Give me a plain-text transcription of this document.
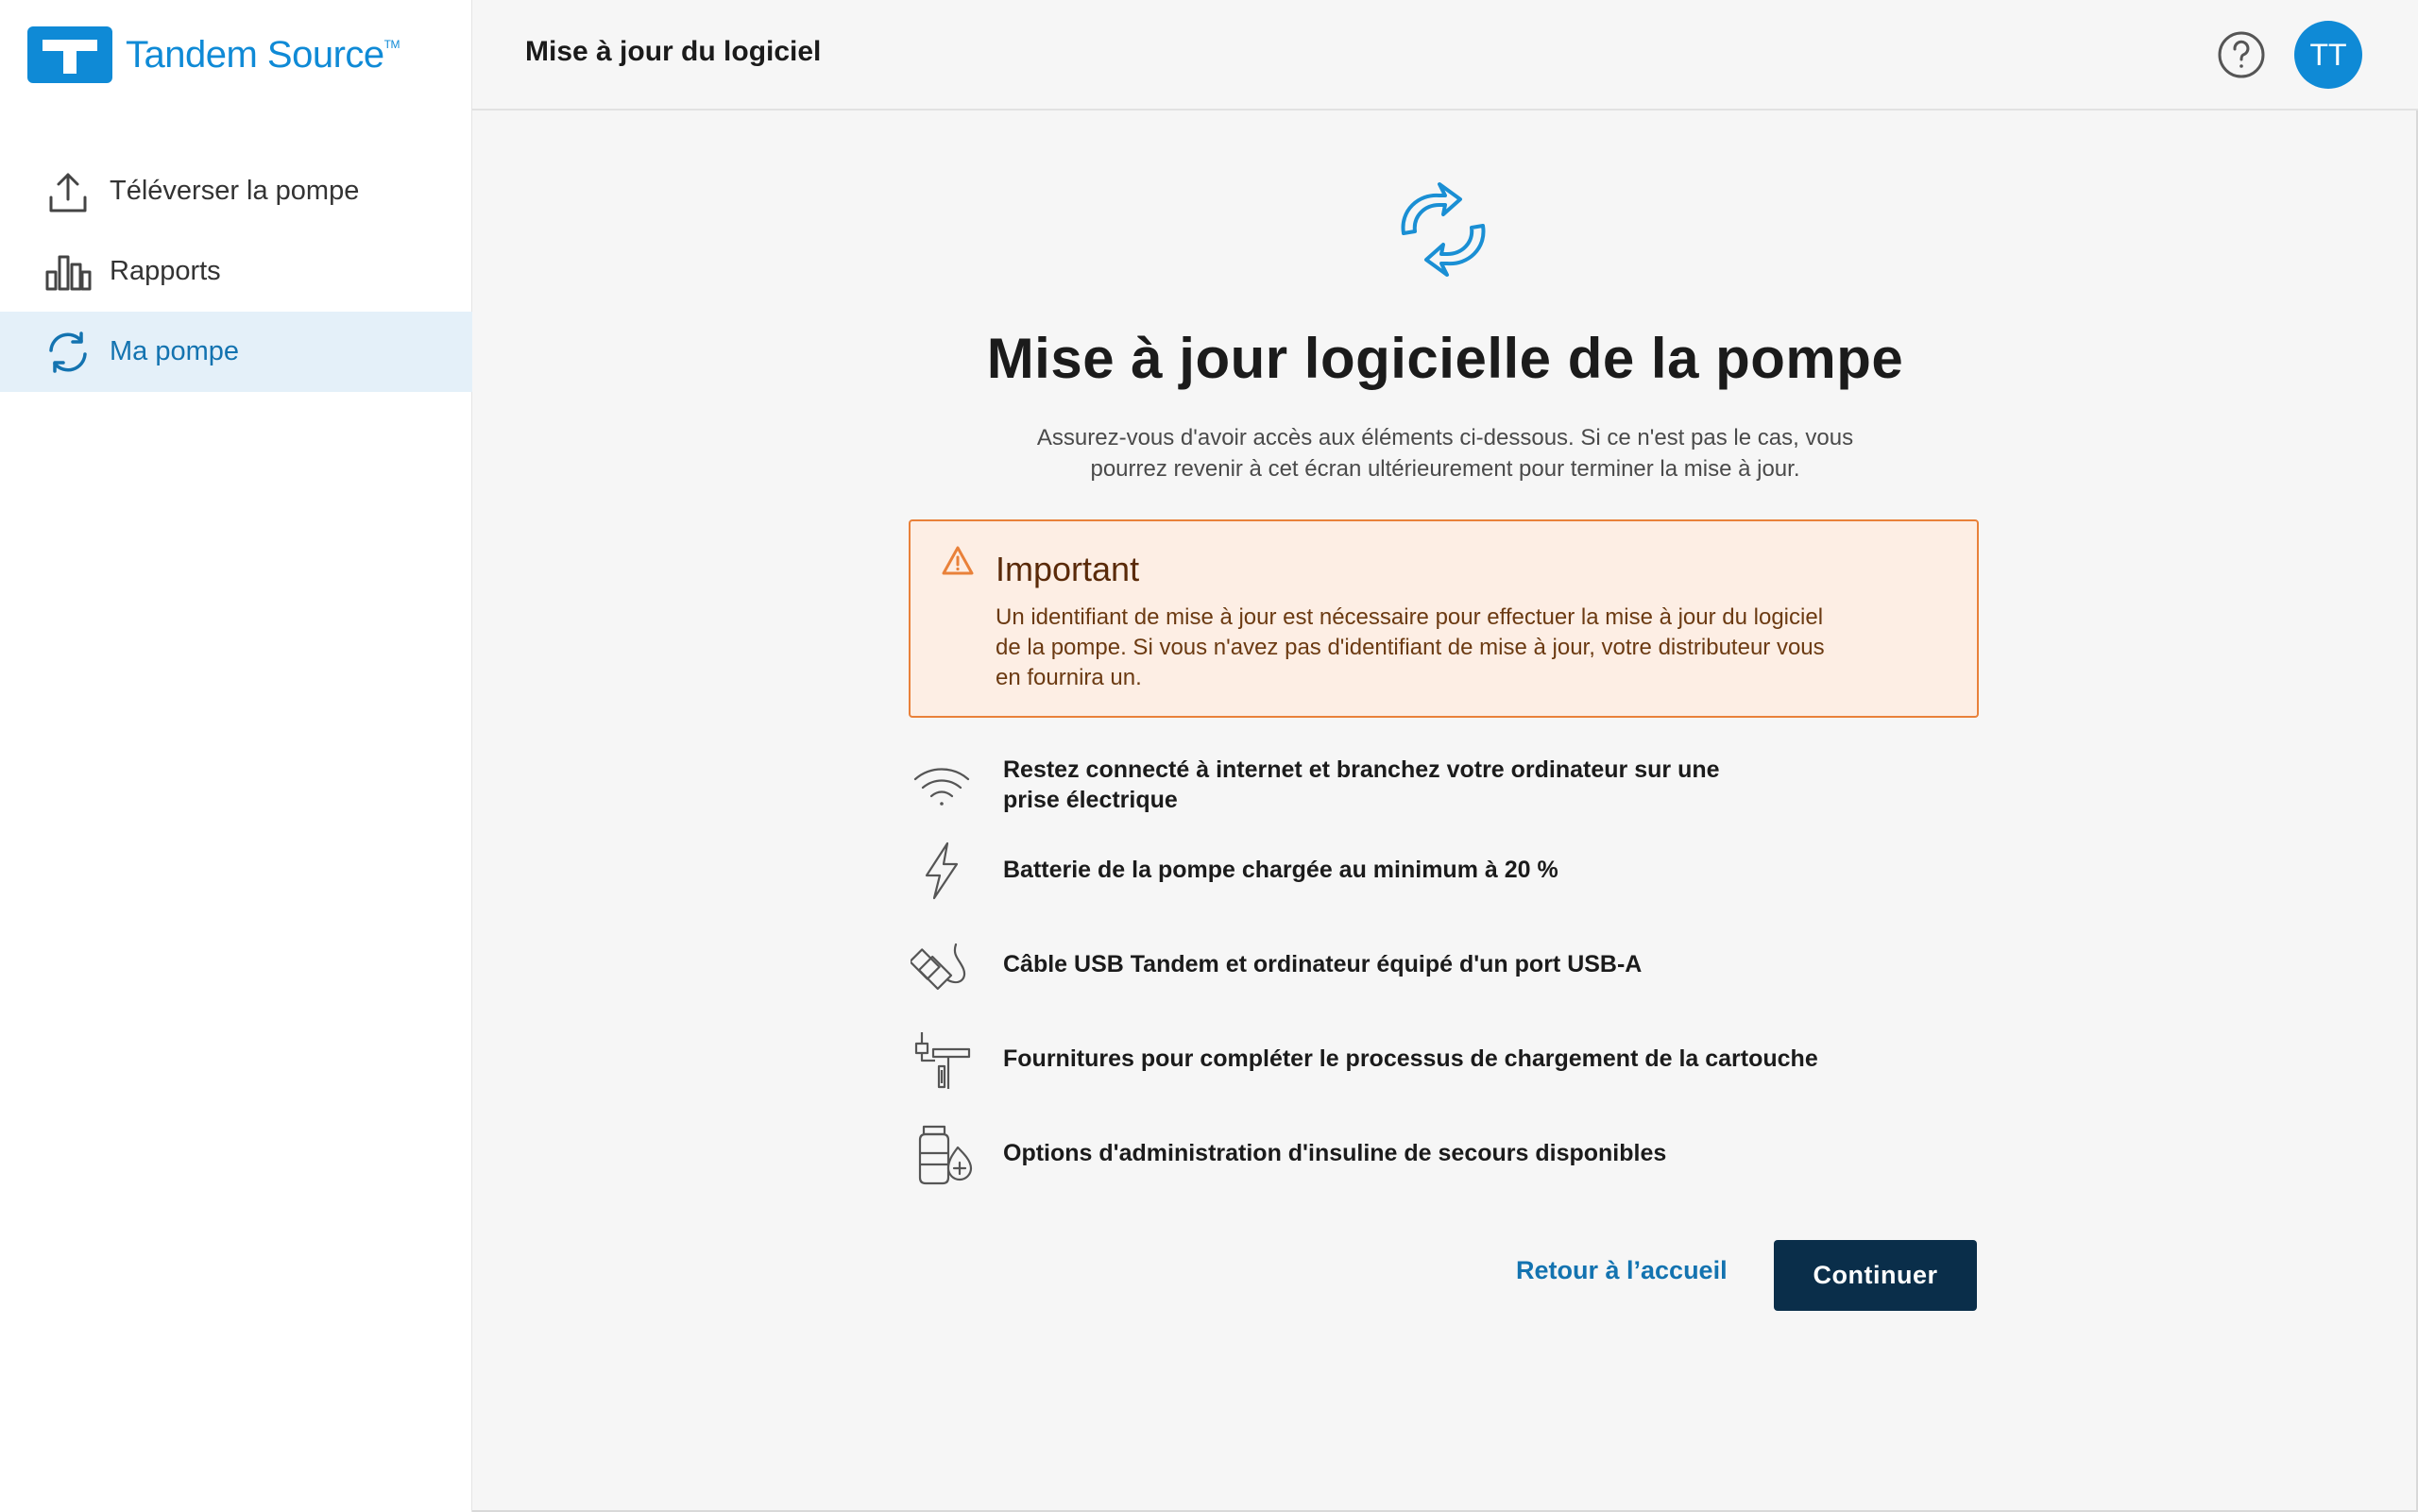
Tandem Source™
Téléverser la pompe
Rapports
Ma pompe
Mise à jour du logiciel	TT
Mise à jour logicielle de la pompe

Assurez-vous d'avoir accès aux éléments ci-dessous. Si ce n'est pas le cas, vous
pourrez revenir à cet écran ultérieurement pour terminer la mise à jour.

Important
Un identifiant de mise à jour est nécessaire pour effectuer la mise à jour du logiciel
de la pompe. Si vous n'avez pas d'identifiant de mise à jour, votre distributeur vous
en fournira un.
Restez connecté à internet et branchez votre ordinateur sur une
prise électrique
Batterie de la pompe chargée au minimum à 20 %
Câble USB Tandem et ordinateur équipé d'un port USB-A
Fournitures pour compléter le processus de chargement de la cartouche
Options d'administration d'insuline de secours disponibles
Retour à l’accueil	Continuer
